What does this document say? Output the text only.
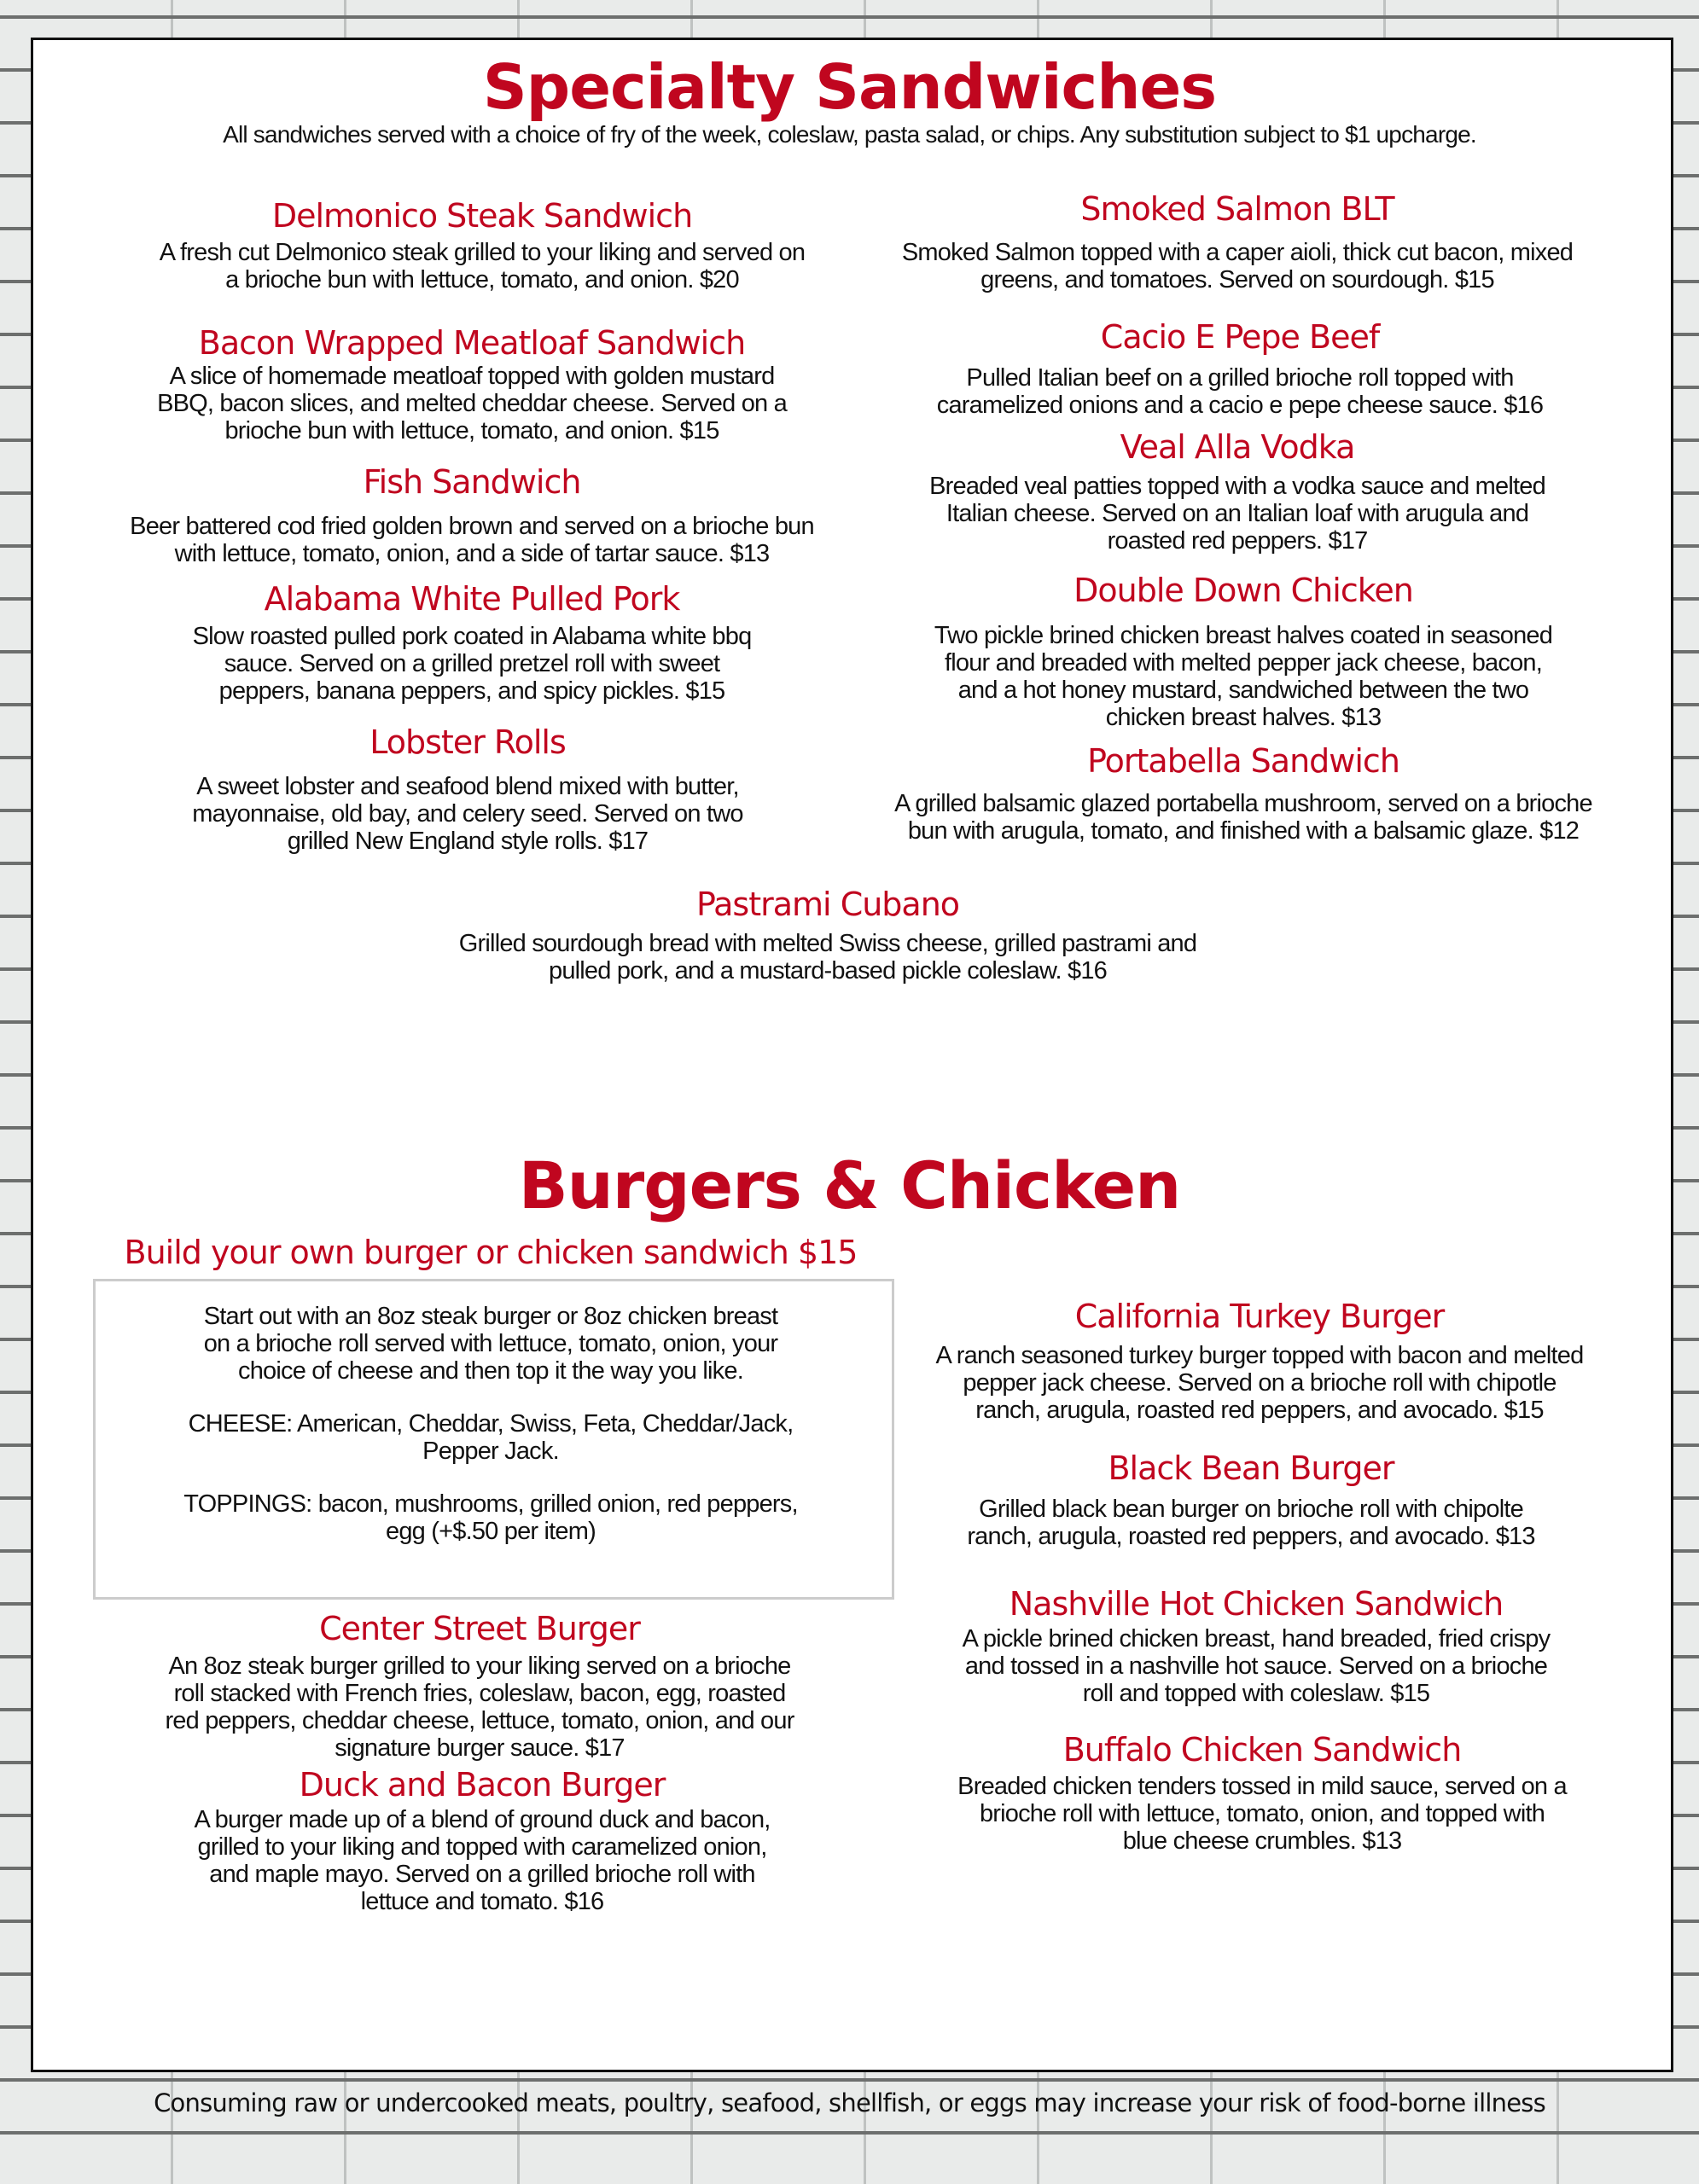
Specialty Sandwiches
All sandwiches served with a choice of fry of the week, coleslaw, pasta salad, or chips. Any substitution subject to $1 upcharge.
Burgers & Chicken
Delmonico Steak Sandwich
A fresh cut Delmonico steak grilled to your liking and served on
a brioche bun with lettuce, tomato, and onion. $20
Smoked Salmon BLT
Smoked Salmon topped with a caper aioli, thick cut bacon, mixed
greens, and tomatoes. Served on sourdough. $15
Bacon Wrapped Meatloaf Sandwich
A slice of homemade meatloaf topped with golden mustard
BBQ, bacon slices, and melted cheddar cheese. Served on a
brioche bun with lettuce, tomato, and onion. $15
Cacio E Pepe Beef
Pulled Italian beef on a grilled brioche roll topped with
caramelized onions and a cacio e pepe cheese sauce. $16
Fish Sandwich
Beer battered cod fried golden brown and served on a brioche bun
with lettuce, tomato, onion, and a side of tartar sauce. $13
Veal Alla Vodka
Breaded veal patties topped with a vodka sauce and melted
Italian cheese. Served on an Italian loaf with arugula and
roasted red peppers. $17
Alabama White Pulled Pork
Slow roasted pulled pork coated in Alabama white bbq
sauce. Served on a grilled pretzel roll with sweet
peppers, banana peppers, and spicy pickles. $15
Double Down Chicken
Two pickle brined chicken breast halves coated in seasoned
flour and breaded with melted pepper jack cheese, bacon,
and a hot honey mustard, sandwiched between the two
chicken breast halves. $13
Lobster Rolls
A sweet lobster and seafood blend mixed with butter,
mayonnaise, old bay, and celery seed. Served on two
grilled New England style rolls. $17
Portabella Sandwich
A grilled balsamic glazed portabella mushroom, served on a brioche
bun with arugula, tomato, and finished with a balsamic glaze. $12
Pastrami Cubano
Grilled sourdough bread with melted Swiss cheese, grilled pastrami and
pulled pork, and a mustard-based pickle coleslaw. $16
Build your own burger or chicken sandwich $15
Start out with an 8oz steak burger or 8oz chicken breast
on a brioche roll served with lettuce, tomato, onion, your
choice of cheese and then top it the way you like.

CHEESE: American, Cheddar, Swiss, Feta, Cheddar/Jack,
Pepper Jack.

TOPPINGS: bacon, mushrooms, grilled onion, red peppers,
egg (+$.50 per item)
California Turkey Burger
A ranch seasoned turkey burger topped with bacon and melted
pepper jack cheese. Served on a brioche roll with chipotle
ranch, arugula, roasted red peppers, and avocado. $15
Black Bean Burger
Grilled black bean burger on brioche roll with chipolte
ranch, arugula, roasted red peppers, and avocado. $13
Center Street Burger
An 8oz steak burger grilled to your liking served on a brioche
roll stacked with French fries, coleslaw, bacon, egg, roasted
red peppers, cheddar cheese, lettuce, tomato, onion, and our
signature burger sauce. $17
Nashville Hot Chicken Sandwich
A pickle brined chicken breast, hand breaded, fried crispy
and tossed in a nashville hot sauce. Served on a brioche
roll and topped with coleslaw. $15
Duck and Bacon Burger
A burger made up of a blend of ground duck and bacon,
grilled to your liking and topped with caramelized onion,
and maple mayo. Served on a grilled brioche roll with
lettuce and tomato. $16
Buffalo Chicken Sandwich
Breaded chicken tenders tossed in mild sauce, served on a
brioche roll with lettuce, tomato, onion, and topped with
blue cheese crumbles. $13
Consuming raw or undercooked meats, poultry, seafood, shellfish, or eggs may increase your risk of food-borne illness
